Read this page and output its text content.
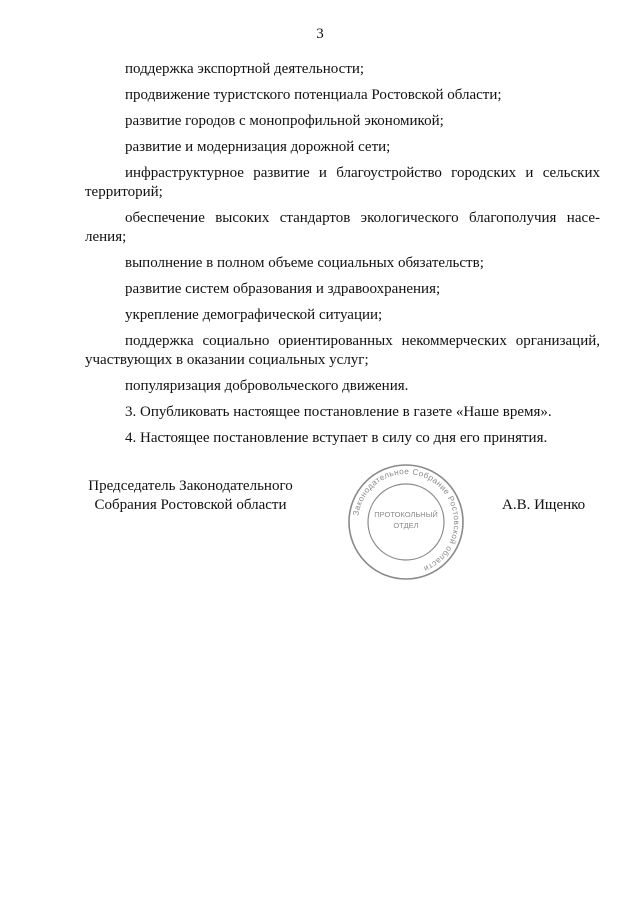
3

поддержка экспортной деятельности;

продвижение туристского потенциала Ростовской области;

развитие городов с монопрофильной экономикой;

развитие и модернизация дорожной сети;

инфраструктурное развитие и благоустройство городских и сельских территорий;

обеспечение высоких стандартов экологического благополучия насе-ления;

выполнение в полном объеме социальных обязательств;

развитие систем образования и здравоохранения;

укрепление демографической ситуации;

поддержка социально ориентированных некоммерческих организаций, участвующих в оказании социальных услуг;

популяризация добровольческого движения.

3. Опубликовать настоящее постановление в газете «Наше время».

4. Настоящее постановление вступает в силу со дня его принятия.

Председатель Законодательного
Собрания Ростовской области	Законодательное Собрание Ростовской области
ПРОТОКОЛЬНЫЙ
ОТДЕЛ
А.В. Ищенко
